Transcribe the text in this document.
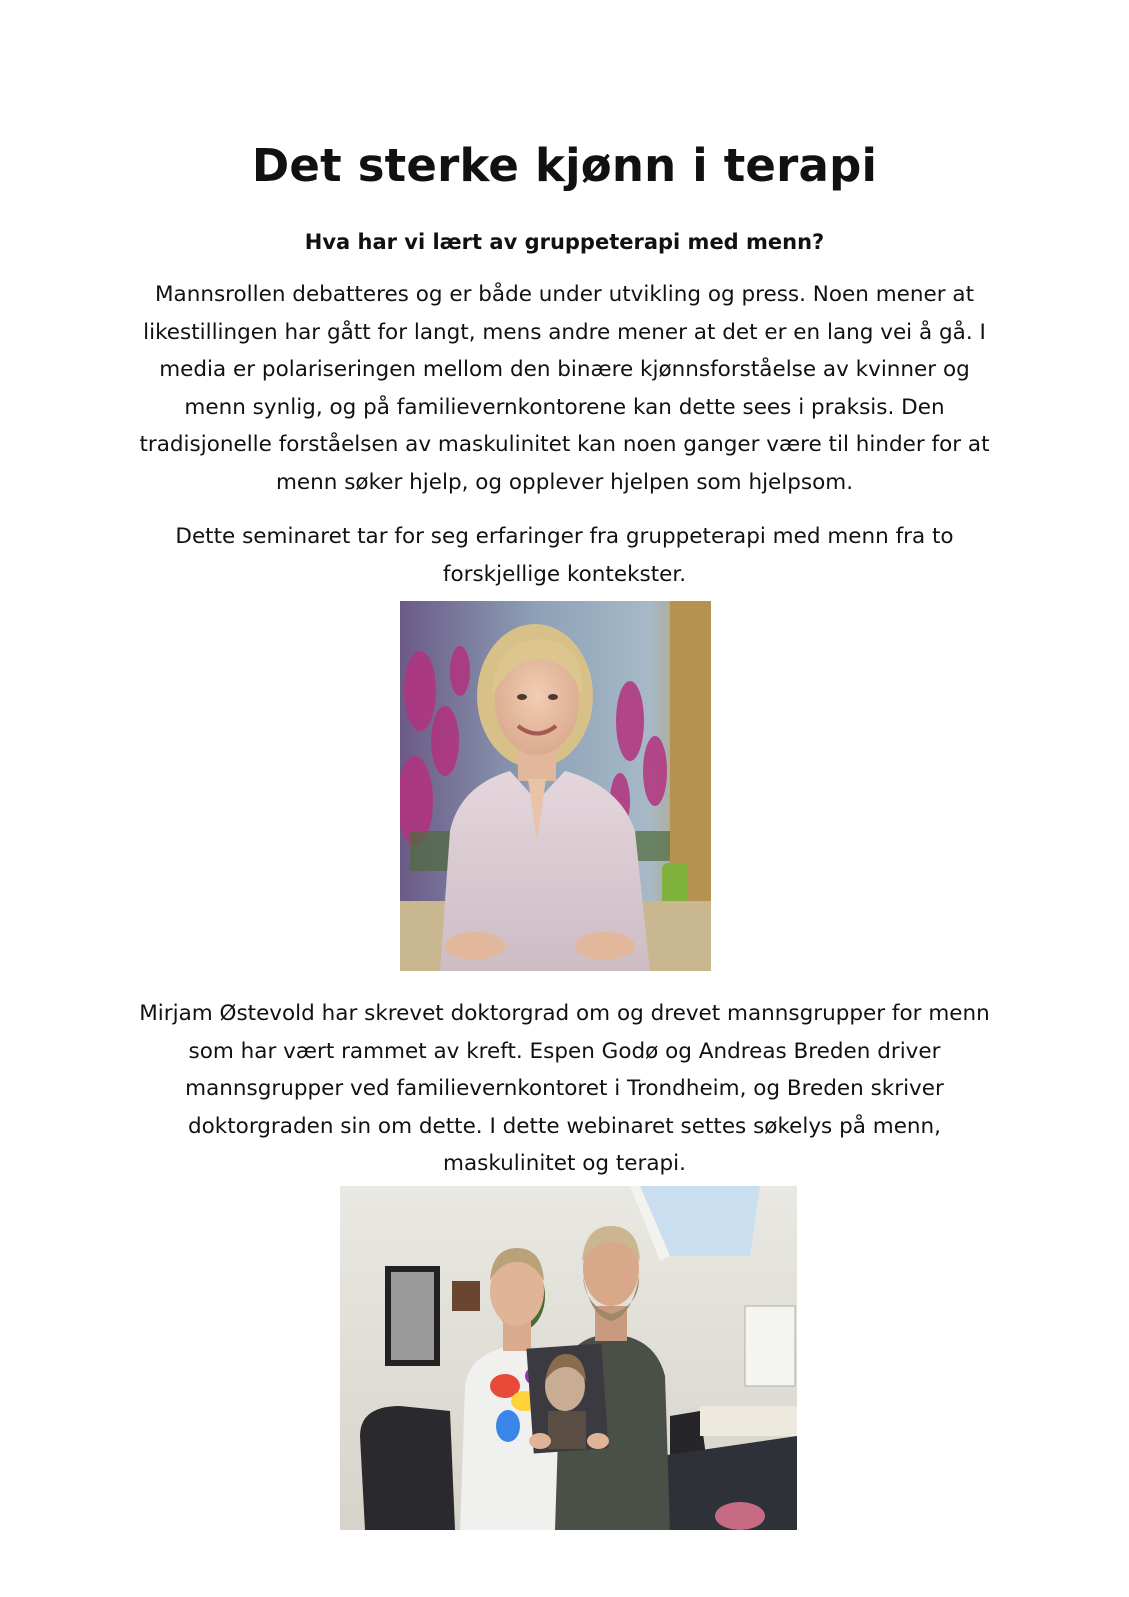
Det sterke kjønn i terapi
Hva har vi lært av gruppeterapi med menn?

Mannsrollen debatteres og er både under utvikling og press. Noen mener at likestillingen har gått for langt, mens andre mener at det er en lang vei å gå. I media er polariseringen mellom den binære kjønnsforståelse av kvinner og menn synlig, og på familievernkontorene kan dette sees i praksis. Den tradisjonelle forståelsen av maskulinitet kan noen ganger være til hinder for at menn søker hjelp, og opplever hjelpen som hjelpsom.

Dette seminaret tar for seg erfaringer fra gruppeterapi med menn fra to forskjellige kontekster.

Mirjam Østevold har skrevet doktorgrad om og drevet mannsgrupper for menn som har vært rammet av kreft. Espen Godø og Andreas Breden driver mannsgrupper ved familievernkontoret i Trondheim, og Breden skriver doktorgraden sin om dette. I dette webinaret settes søkelys på menn, maskulinitet og terapi.
